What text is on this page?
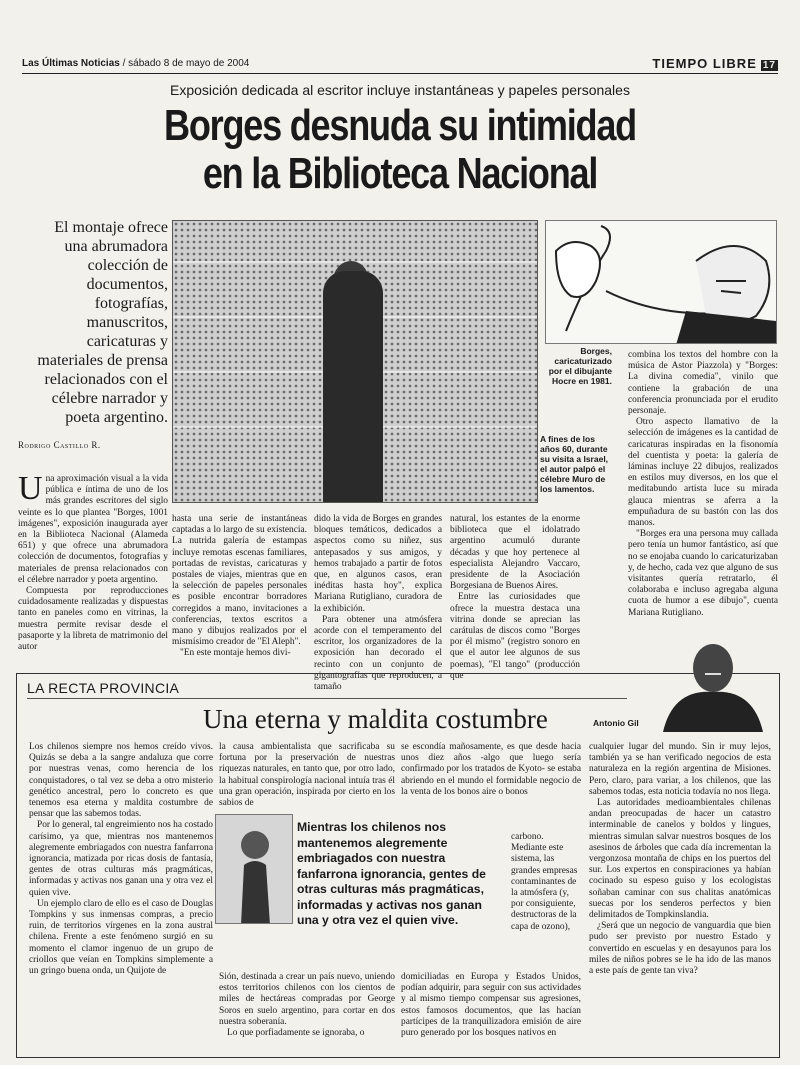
Las Últimas Noticias / sábado 8 de mayo de 2004	TIEMPO LIBRE 17
Exposición dedicada al escritor incluye instantáneas y papeles personales
Borges desnuda su intimidad
en la Biblioteca Nacional
El montaje ofrece una abrumadora colección de documentos, fotografías, manuscritos, caricaturas y materiales de prensa relacionados con el célebre narrador y poeta argentino.
Rodrigo Castillo R.
Borges, caricaturizado por el dibujante Hocre en 1981.
A fines de los años 60, durante su visita a Israel, el autor palpó el célebre Muro de los lamentos.

Una aproximación visual a la vida pública e íntima de uno de los más grandes escritores del siglo veinte es lo que plantea "Borges, 1001 imágenes", exposición inaugurada ayer en la Biblioteca Nacional (Alameda 651) y que ofrece una abrumadora colección de documentos, fotografías y materiales de prensa relacionados con el célebre narrador y poeta argentino.

Compuesta por reproducciones cuidadosamente realizadas y dispuestas tanto en paneles como en vitrinas, la muestra permite revisar desde el pasaporte y la libreta de matrimonio del autor

hasta una serie de instantáneas captadas a lo largo de su existencia. La nutrida galería de estampas incluye remotas escenas familiares, portadas de revistas, caricaturas y postales de viajes, mientras que en la selección de papeles personales es posible encontrar borradores corregidos a mano, invitaciones a conferencias, textos escritos a mano y dibujos realizados por el mismísimo creador de "El Aleph".

"En este montaje hemos divi-

dido la vida de Borges en grandes bloques temáticos, dedicados a aspectos como su niñez, sus antepasados y sus amigos, y hemos trabajado a partir de fotos que, en algunos casos, eran inéditas hasta hoy", explica Mariana Rutigliano, curadora de la exhibición.

Para obtener una atmósfera acorde con el temperamento del escritor, los organizadores de la exposición han decorado el recinto con un conjunto de gigantografías que reproducen, a tamaño

natural, los estantes de la enorme biblioteca que el idolatrado argentino acumuló durante décadas y que hoy pertenece al especialista Alejandro Vaccaro, presidente de la Asociación Borgesiana de Buenos Aires.

Entre las curiosidades que ofrece la muestra destaca una vitrina donde se aprecian las carátulas de discos como "Borges por él mismo" (registro sonoro en que el autor lee algunos de sus poemas), "El tango" (producción que

combina los textos del hombre con la música de Astor Piazzola) y "Borges: La divina comedia", vinilo que contiene la grabación de una conferencia pronunciada por el erudito personaje.

Otro aspecto llamativo de la selección de imágenes es la cantidad de caricaturas inspiradas en la fisonomía del cuentista y poeta: la galería de láminas incluye 22 dibujos, realizados en estilos muy diversos, en los que el meditabundo artista luce su mirada glauca mientras se aferra a la empuñadura de su bastón con las dos manos.

"Borges era una persona muy callada pero tenía un humor fantástico, así que no se enojaba cuando lo caricaturizaban y, de hecho, cada vez que alguno de sus visitantes quería retratarlo, él colaboraba e incluso agregaba alguna cuota de humor a ese dibujo", cuenta Mariana Rutigliano.

LA RECTA PROVINCIA
Una eterna y maldita costumbre	Antonio Gil

Los chilenos siempre nos hemos creído vivos. Quizás se deba a la sangre andaluza que corre por nuestras venas, como herencia de los conquistadores, o tal vez se deba a otro misterio genético ancestral, pero lo concreto es que tenemos esa eterna y maldita costumbre de pensar que las sabemos todas.

Por lo general, tal engreimiento nos ha costado carísimo, ya que, mientras nos mantenemos alegremente embriagados con nuestra fanfarrona ignorancia, matizada por ricas dosis de fantasía, gentes de otras culturas más pragmáticas, informadas y activas nos ganan una y otra vez el quien vive.

Un ejemplo claro de ello es el caso de Douglas Tompkins y sus inmensas compras, a precio ruin, de territorios vírgenes en la zona austral chilena. Frente a este fenómeno surgió en su momento el clamor ingenuo de un grupo de criollos que veían en Tompkins simplemente a un gringo buena onda, un Quijote de

la causa ambientalista que sacrificaba su fortuna por la preservación de nuestras riquezas naturales, en tanto que, por otro lado, la habitual conspirología nacional intuía tras él una gran operación, inspirada por cierto en los sabios de

Sión, destinada a crear un país nuevo, uniendo estos territorios chilenos con los cientos de miles de hectáreas compradas por George Soros en suelo argentino, para cortar en dos nuestra soberanía.

Lo que porfiadamente se ignoraba, o

se escondía mañosamente, es que desde hacia unos diez años -algo que luego sería confirmado por los tratados de Kyoto- se estaba abriendo en el mundo el formidable negocio de la venta de los bonos aire o bonos

carbono. Mediante este sistema, las grandes empresas contaminantes de la atmósfera (y, por consiguiente, destructoras de la capa de ozono),

domiciliadas en Europa y Estados Unidos, podían adquirir, para seguir con sus actividades y al mismo tiempo compensar sus agresiones, estos famosos documentos, que las hacían partícipes de la tranquilizadora emisión de aire puro generado por los bosques nativos en

cualquier lugar del mundo. Sin ir muy lejos, también ya se han verificado negocios de esta naturaleza en la región argentina de Misiones. Pero, claro, para variar, a los chilenos, que las sabemos todas, esta noticia todavía no nos llega.

Las autoridades medioambientales chilenas andan preocupadas de hacer un catastro interminable de canelos y boldos y lingues, mientras simulan salvar nuestros bosques de los asesinos de árboles que cada día incrementan la vergonzosa montaña de chips en los puertos del sur. Los expertos en conspiraciones ya habían cocinado su espeso guiso y los ecologistas soñaban caminar con sus chalitas anatómicas suecas por los senderos perfectos y bien delimitados de Tompkinslandia.

¿Será que un negocio de vanguardia que bien pudo ser previsto por nuestro Estado y convertido en escuelas y en desayunos para los miles de niños pobres se le ha ido de las manos a este país de gente tan viva?

Mientras los chilenos nos mantenemos alegremente embriagados con nuestra fanfarrona ignorancia, gentes de otras culturas más pragmáticas, informadas y activas nos ganan una y otra vez el quien vive.
